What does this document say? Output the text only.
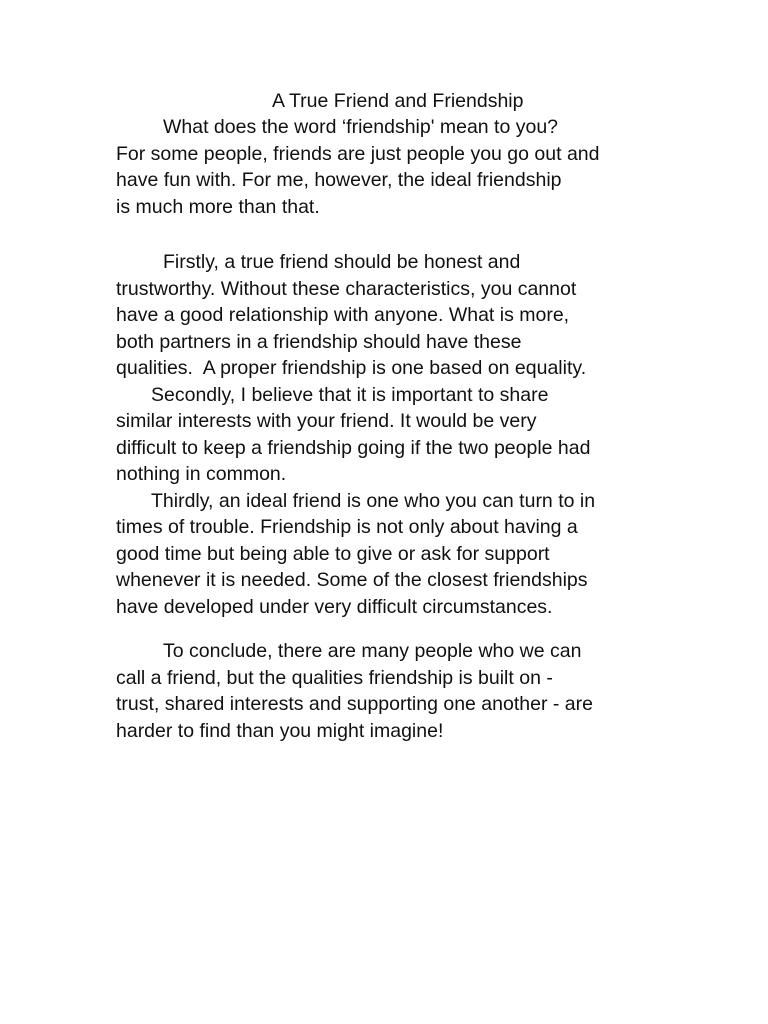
A True Friend and Friendship

What does the word ‘friendship' mean to you?

For some people, friends are just people you go out and

have fun with. For me, however, the ideal friendship

is much more than that.

Firstly, a true friend should be honest and

trustworthy. Without these characteristics, you cannot

have a good relationship with anyone. What is more,

both partners in a friendship should have these

qualities.  A proper friendship is one based on equality.

Secondly, I believe that it is important to share

similar interests with your friend. It would be very

difficult to keep a friendship going if the two people had

nothing in common.

Thirdly, an ideal friend is one who you can turn to in

times of trouble. Friendship is not only about having a

good time but being able to give or ask for support

whenever it is needed. Some of the closest friendships

have developed under very difficult circumstances.

To conclude, there are many people who we can

call a friend, but the qualities friendship is built on -

trust, shared interests and supporting one another - are

harder to find than you might imagine!
